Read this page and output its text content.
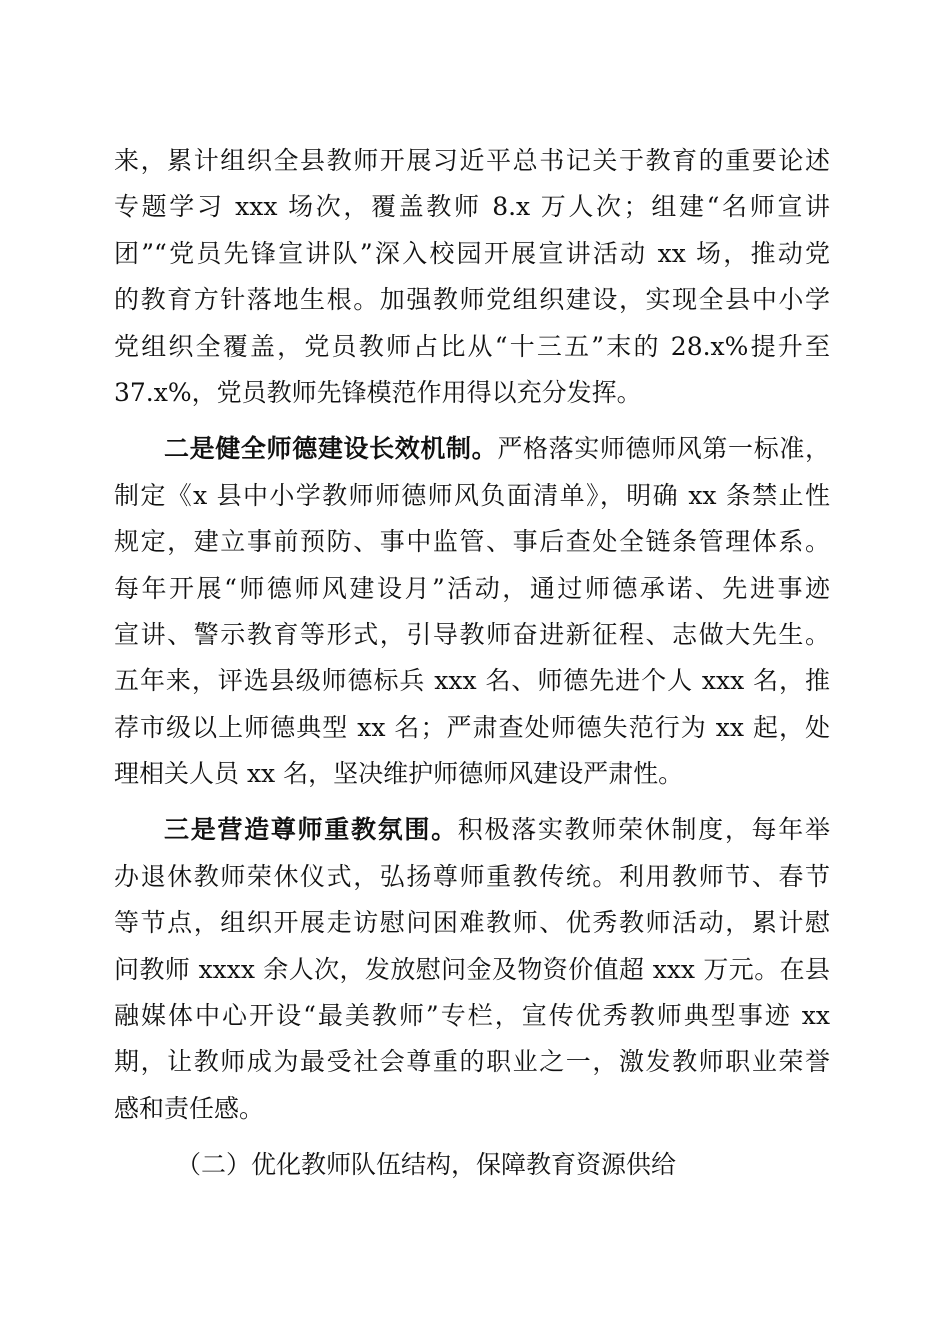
来，累计组织全县教师开展习近平总书记关于教育的重要论述
专题学习 xxx 场次，覆盖教师 8.x 万人次；组建“名师宣讲
团”“党员先锋宣讲队”深入校园开展宣讲活动 xx 场，推动党
的教育方针落地生根。加强教师党组织建设，实现全县中小学
党组织全覆盖，党员教师占比从“十三五”末的 28.x%提升至
37.x%，党员教师先锋模范作用得以充分发挥。
二是健全师德建设长效机制。严格落实师德师风第一标准，
制定《x 县中小学教师师德师风负面清单》，明确 xx 条禁止性
规定，建立事前预防、事中监管、事后查处全链条管理体系。
每年开展“师德师风建设月”活动，通过师德承诺、先进事迹
宣讲、警示教育等形式，引导教师奋进新征程、志做大先生。
五年来，评选县级师德标兵 xxx 名、师德先进个人 xxx 名，推
荐市级以上师德典型 xx 名；严肃查处师德失范行为 xx 起，处
理相关人员 xx 名，坚决维护师德师风建设严肃性。
三是营造尊师重教氛围。积极落实教师荣休制度，每年举
办退休教师荣休仪式，弘扬尊师重教传统。利用教师节、春节
等节点，组织开展走访慰问困难教师、优秀教师活动，累计慰
问教师 xxxx 余人次，发放慰问金及物资价值超 xxx 万元。在县
融媒体中心开设“最美教师”专栏，宣传优秀教师典型事迹 xx
期，让教师成为最受社会尊重的职业之一，激发教师职业荣誉
感和责任感。
（二）优化教师队伍结构，保障教育资源供给
